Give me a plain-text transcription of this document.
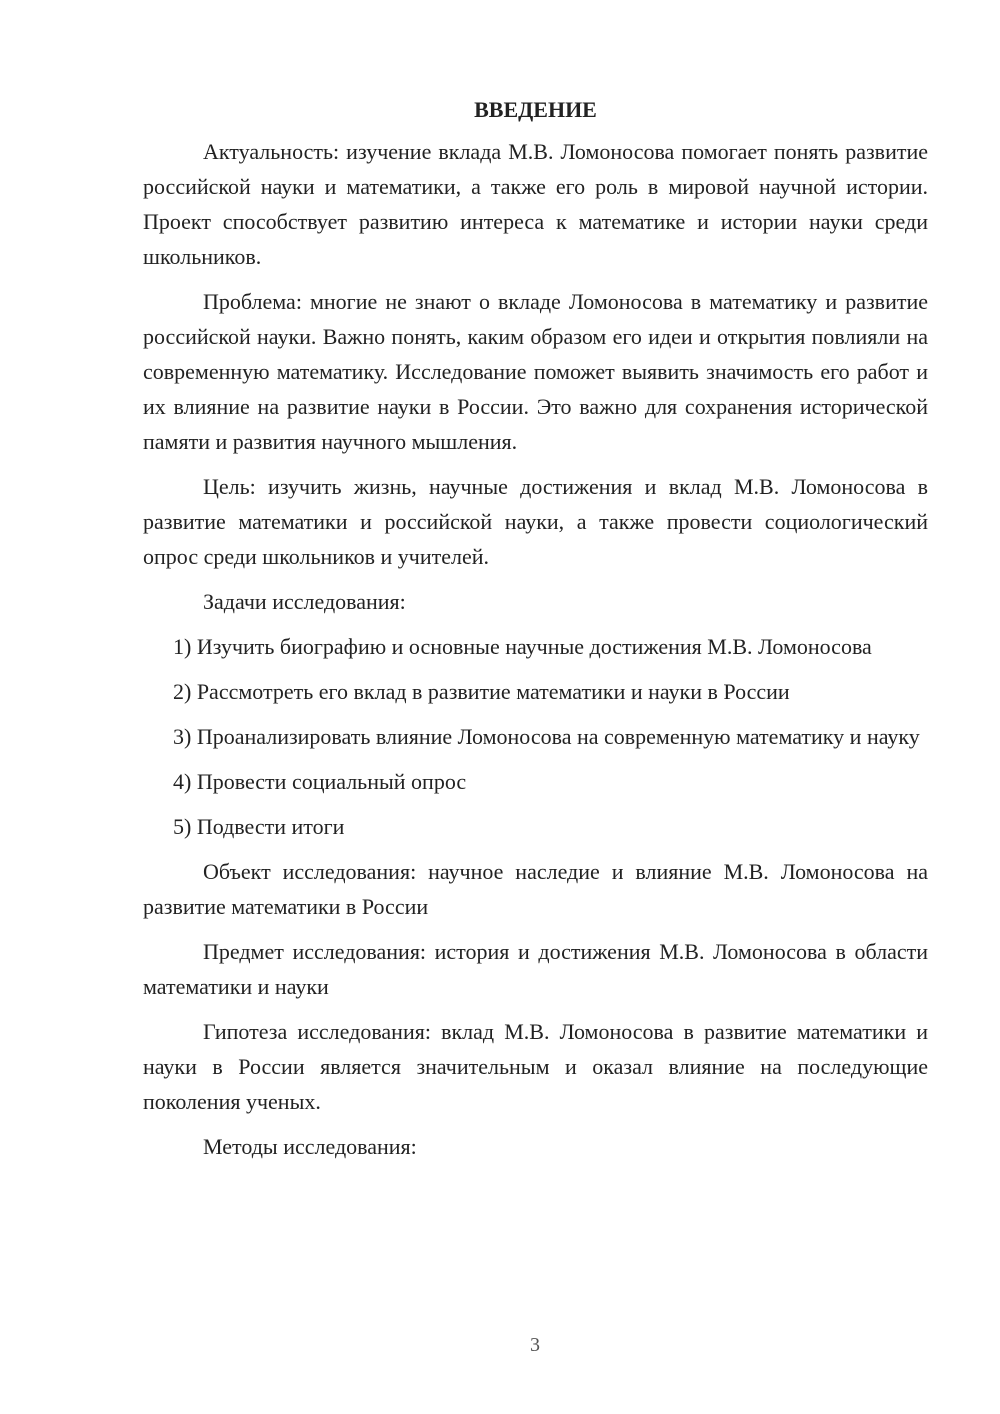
ВВЕДЕНИЕ

Актуальность: изучение вклада М.В. Ломоносова помогает понять развитие российской науки и математики, а также его роль в мировой научной истории. Проект способствует развитию интереса к математике и истории науки среди школьников.

Проблема: многие не знают о вкладе Ломоносова в математику и развитие российской науки. Важно понять, каким образом его идеи и открытия повлияли на современную математику. Исследование поможет выявить значимость его работ и их влияние на развитие науки в России. Это важно для сохранения исторической памяти и развития научного мышления.

Цель: изучить жизнь, научные достижения и вклад М.В. Ломоносова в развитие математики и российской науки, а также провести социологический опрос среди школьников и учителей.

Задачи исследования:

1) Изучить биографию и основные научные достижения М.В. Ломоносова

2) Рассмотреть его вклад в развитие математики и науки в России

3) Проанализировать влияние Ломоносова на современную математику и науку

4) Провести социальный опрос

5) Подвести итоги

Объект исследования: научное наследие и влияние М.В. Ломоносова на развитие математики в России

Предмет исследования: история и достижения М.В. Ломоносова в области математики и науки

Гипотеза исследования: вклад М.В. Ломоносова в развитие математики и науки в России является значительным и оказал влияние на последующие поколения ученых.

Методы исследования:

3
